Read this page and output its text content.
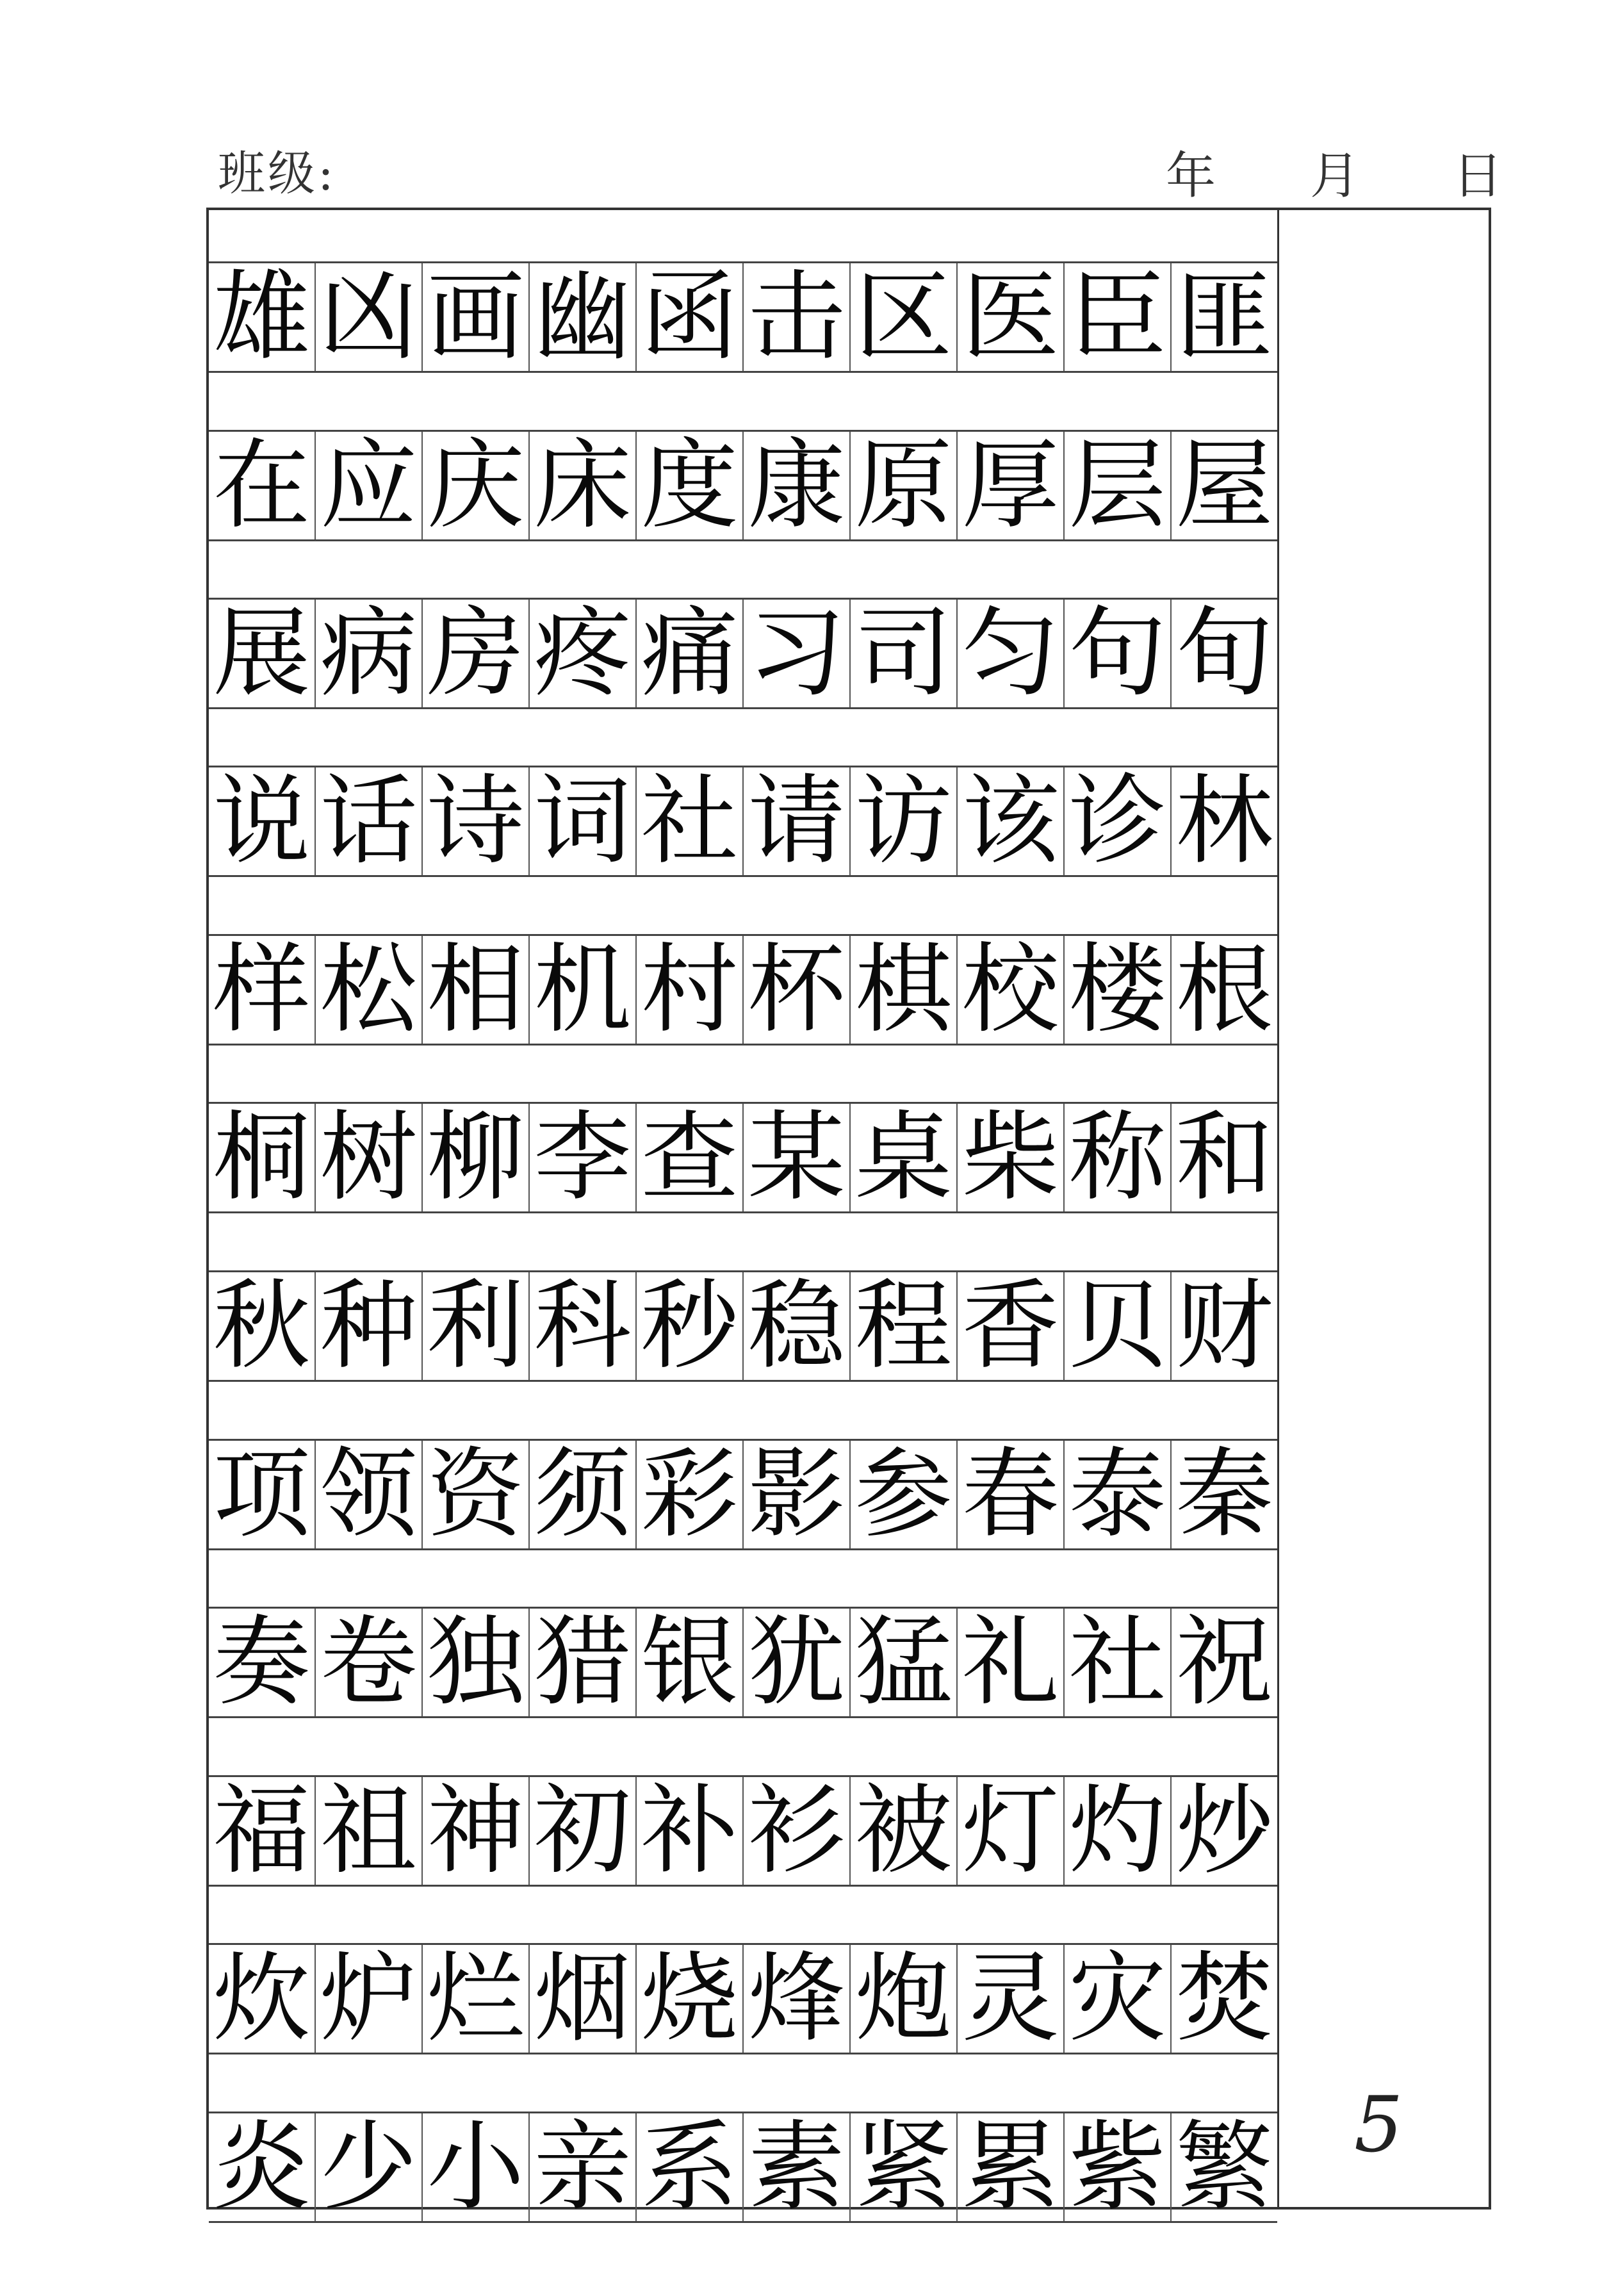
班级:	年 月 日
雄 凶 画 幽 函 击 区 医 臣 匪
在 应 庆 床 度 康 原 厚 层 屋
展 病 房 疼 痛 习 司 匀 句 旬
说 话 诗 词 社 请 访 该 诊 林
样 松 相 机 村 杯 棋 校 楼 根
桐 树 柳 李 查 某 桌 柴 称 和
秋 种 利 科 秒 稳 程 香 贝 财
项 领 资 须 彩 影 参 春 泰 秦
奏 卷 独 猎 银 犹 猛 礼 社 祝
福 祖 神 初 补 衫 被 灯 灼 炒
炊 炉 烂 烟 烧 烽 炮 灵 灾 焚
炎 少 小 亲 系 素 紧 累 紫 繁 5
